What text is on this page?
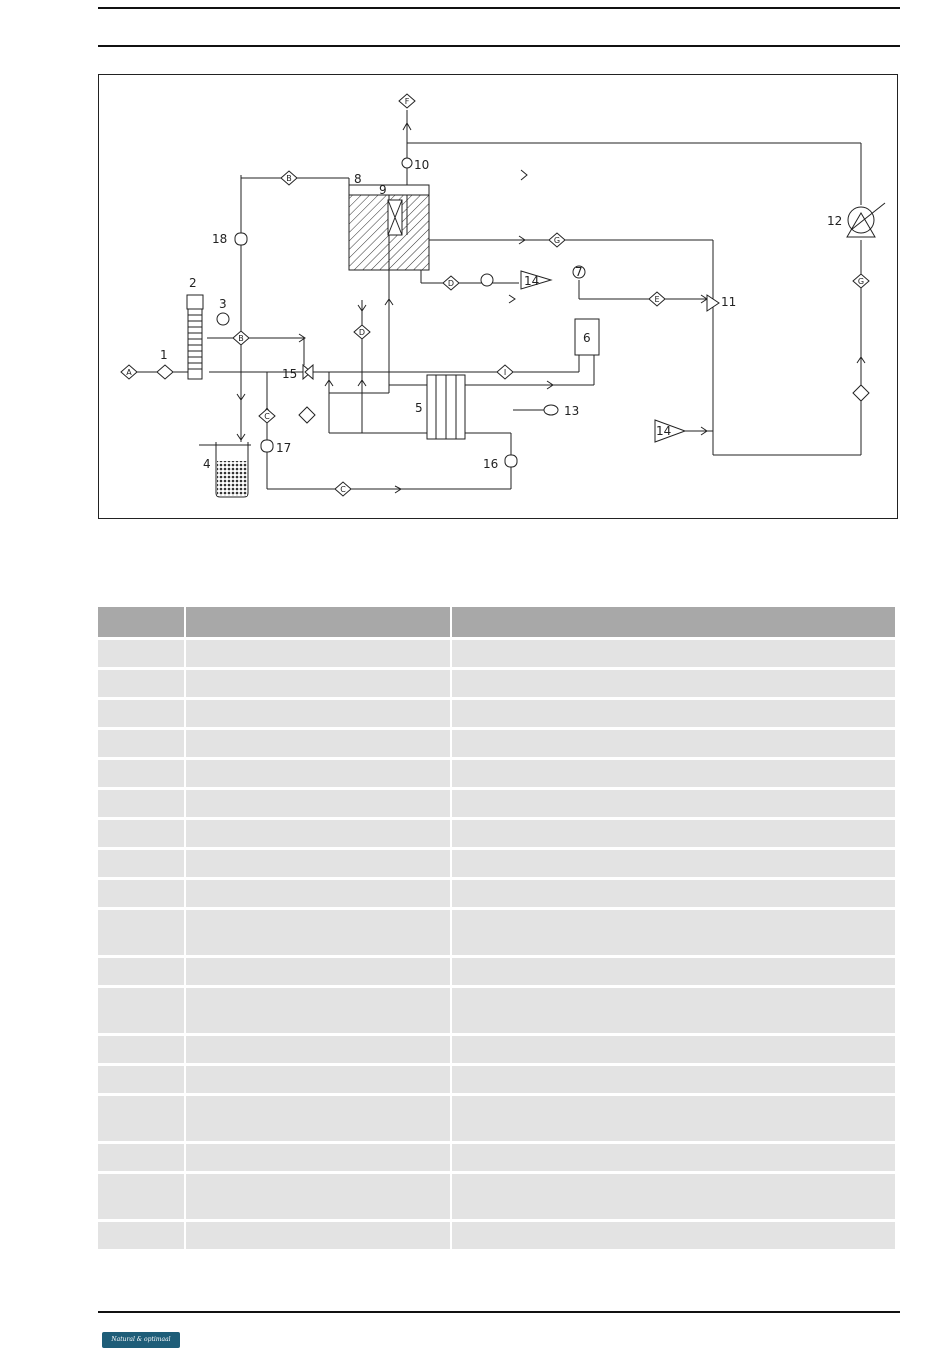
1
2
3
4
5
6
7
8
9
10
11
12
13
14
14
15
16
17
18
A
B
B
C
C
D
D
E
F
G
G
I

Natural & optimaal
